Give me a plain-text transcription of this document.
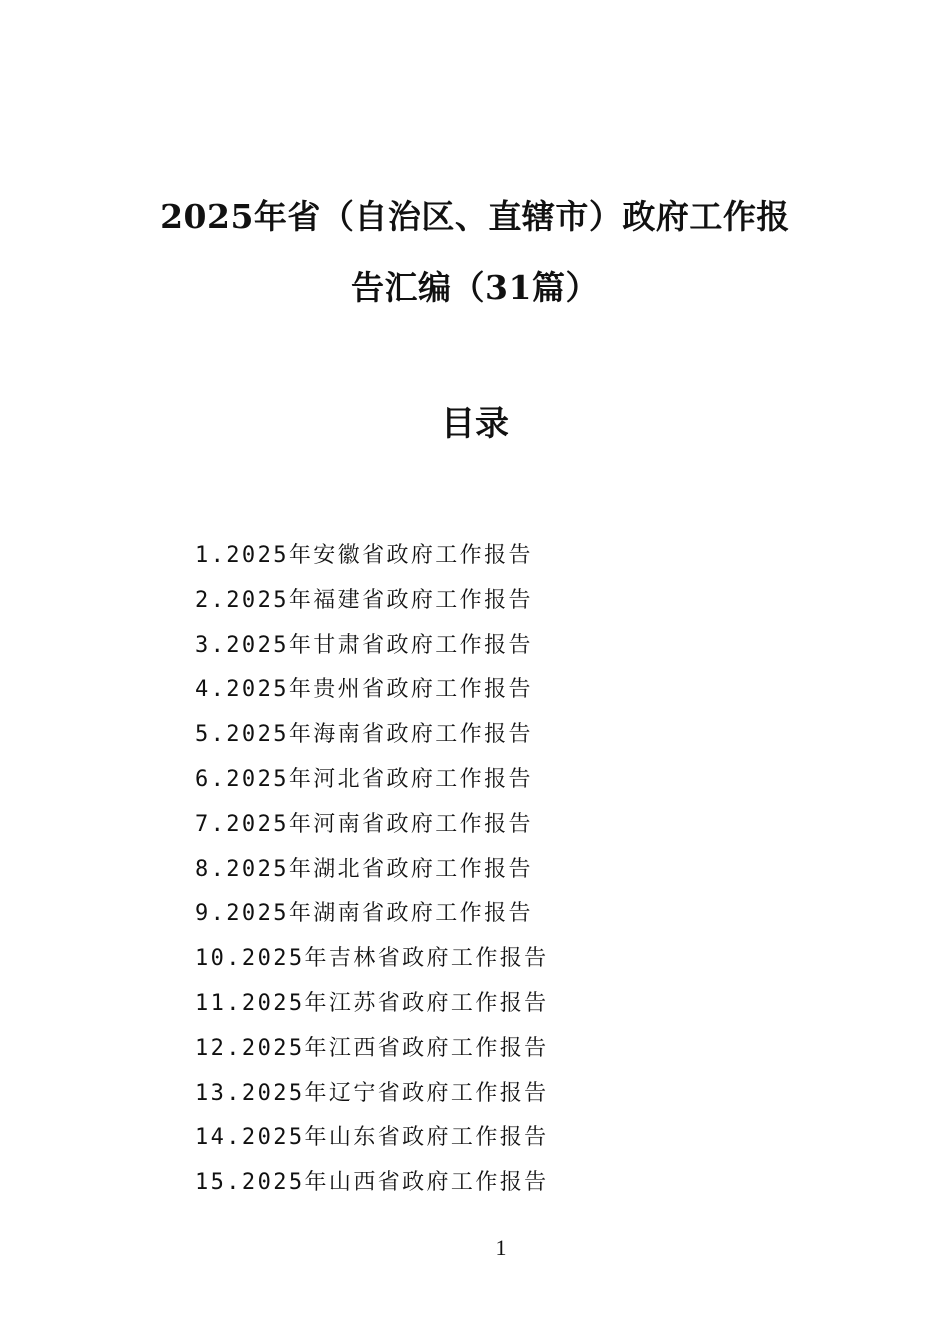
2025年省（自治区、直辖市）政府工作报
告汇编（31篇）
目录
1.2025年安徽省政府工作报告
2.2025年福建省政府工作报告
3.2025年甘肃省政府工作报告
4.2025年贵州省政府工作报告
5.2025年海南省政府工作报告
6.2025年河北省政府工作报告
7.2025年河南省政府工作报告
8.2025年湖北省政府工作报告
9.2025年湖南省政府工作报告
10.2025年吉林省政府工作报告
11.2025年江苏省政府工作报告
12.2025年江西省政府工作报告
13.2025年辽宁省政府工作报告
14.2025年山东省政府工作报告
15.2025年山西省政府工作报告
1
